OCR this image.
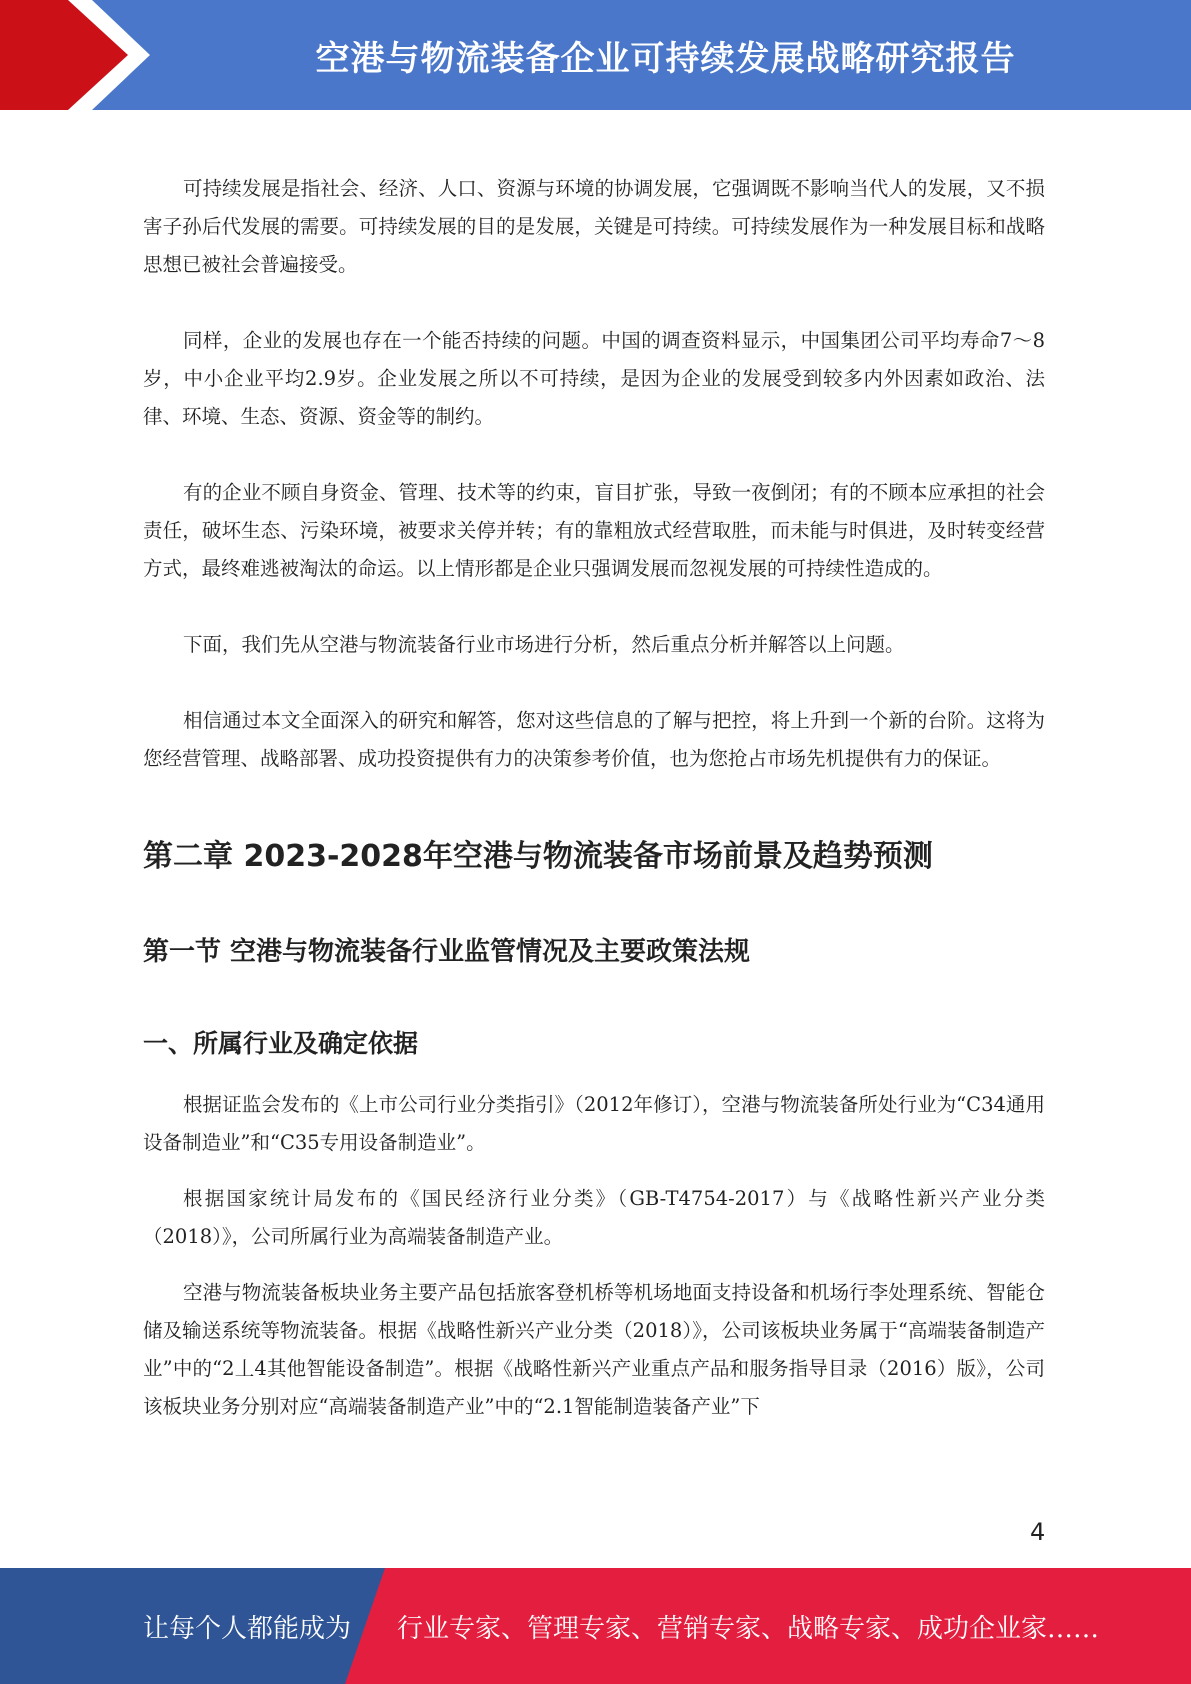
空港与物流装备企业可持续发展战略研究报告

可持续发展是指社会、经济、人口、资源与环境的协调发展，它强调既不影响当代人的发展，又不损害子孙后代发展的需要。可持续发展的目的是发展，关键是可持续。可持续发展作为一种发展目标和战略思想已被社会普遍接受。

同样，企业的发展也存在一个能否持续的问题。中国的调查资料显示，中国集团公司平均寿命7～8岁，中小企业平均2.9岁。企业发展之所以不可持续，是因为企业的发展受到较多内外因素如政治、法律、环境、生态、资源、资金等的制约。

有的企业不顾自身资金、管理、技术等的约束，盲目扩张，导致一夜倒闭；有的不顾本应承担的社会责任，破坏生态、污染环境，被要求关停并转；有的靠粗放式经营取胜，而未能与时俱进，及时转变经营方式，最终难逃被淘汰的命运。以上情形都是企业只强调发展而忽视发展的可持续性造成的。

下面，我们先从空港与物流装备行业市场进行分析，然后重点分析并解答以上问题。

相信通过本文全面深入的研究和解答，您对这些信息的了解与把控，将上升到一个新的台阶。这将为您经营管理、战略部署、成功投资提供有力的决策参考价值，也为您抢占市场先机提供有力的保证。

第二章 2023-2028年空港与物流装备市场前景及趋势预测
第一节 空港与物流装备行业监管情况及主要政策法规
一、所属行业及确定依据

根据证监会发布的《上市公司行业分类指引》（2012年修订），空港与物流装备所处行业为“C34通用设备制造业”和“C35专用设备制造业”。

根据国家统计局发布的《国民经济行业分类》（GB-T4754-2017）与《战略性新兴产业分类（2018）》，公司所属行业为高端装备制造产业。

空港与物流装备板块业务主要产品包括旅客登机桥等机场地面支持设备和机场行李处理系统、智能仓储及输送系统等物流装备。根据《战略性新兴产业分类（2018）》，公司该板块业务属于“高端装备制造产业”中的“2丄4其他智能设备制造”。根据《战略性新兴产业重点产品和服务指导目录（2016）版》，公司该板块业务分别对应“高端装备制造产业”中的“2.1智能制造装备产业”下

4
让每个人都能成为 行业专家、管理专家、营销专家、战略专家、成功企业家……
